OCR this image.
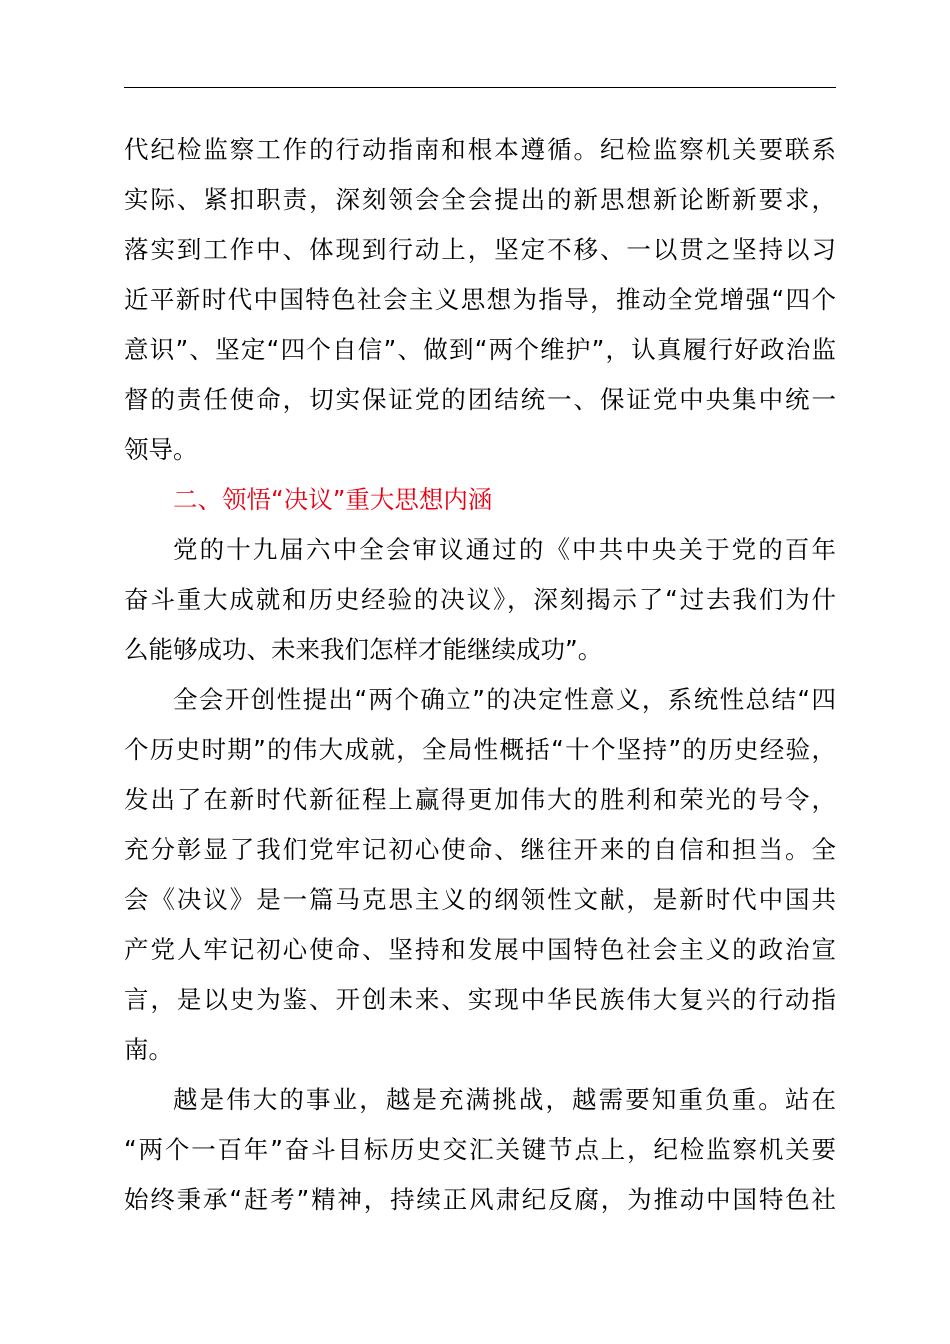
代纪检监察工作的行动指南和根本遵循。纪检监察机关要联系
实际、紧扣职责，深刻领会全会提出的新思想新论断新要求，
落实到工作中、体现到行动上，坚定不移、一以贯之坚持以习
近平新时代中国特色社会主义思想为指导，推动全党增强“四个
意识”、坚定“四个自信”、做到“两个维护”，认真履行好政治监
督的责任使命，切实保证党的团结统一、保证党中央集中统一
领导。
二、领悟“决议”重大思想内涵
党的十九届六中全会审议通过的《中共中央关于党的百年
奋斗重大成就和历史经验的决议》，深刻揭示了“过去我们为什
么能够成功、未来我们怎样才能继续成功”。
全会开创性提出“两个确立”的决定性意义，系统性总结“四
个历史时期”的伟大成就，全局性概括“十个坚持”的历史经验，
发出了在新时代新征程上赢得更加伟大的胜利和荣光的号令，
充分彰显了我们党牢记初心使命、继往开来的自信和担当。全
会《决议》是一篇马克思主义的纲领性文献，是新时代中国共
产党人牢记初心使命、坚持和发展中国特色社会主义的政治宣
言，是以史为鉴、开创未来、实现中华民族伟大复兴的行动指
南。
越是伟大的事业，越是充满挑战，越需要知重负重。站在
“两个一百年”奋斗目标历史交汇关键节点上，纪检监察机关要
始终秉承“赶考”精神，持续正风肃纪反腐，为推动中国特色社
